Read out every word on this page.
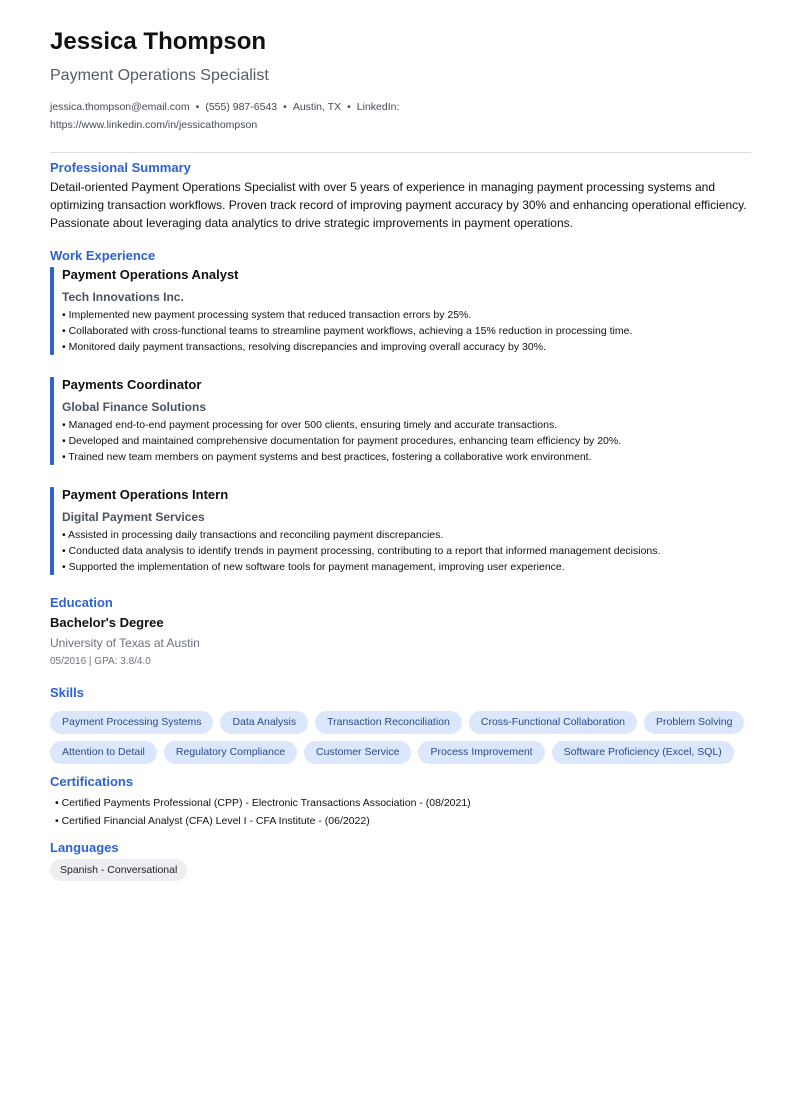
Jessica Thompson
Payment Operations Specialist
jessica.thompson@email.com • (555) 987-6543 • Austin, TX • LinkedIn:
https://www.linkedin.com/in/jessicathompson
Professional Summary
Detail-oriented Payment Operations Specialist with over 5 years of experience in managing payment processing systems and optimizing transaction workflows. Proven track record of improving payment accuracy by 30% and enhancing operational efficiency. Passionate about leveraging data analytics to drive strategic improvements in payment operations.
Work Experience
Payment Operations Analyst
Tech Innovations Inc.
• Implemented new payment processing system that reduced transaction errors by 25%.
• Collaborated with cross-functional teams to streamline payment workflows, achieving a 15% reduction in processing time.
• Monitored daily payment transactions, resolving discrepancies and improving overall accuracy by 30%.
Payments Coordinator
Global Finance Solutions
• Managed end-to-end payment processing for over 500 clients, ensuring timely and accurate transactions.
• Developed and maintained comprehensive documentation for payment procedures, enhancing team efficiency by 20%.
• Trained new team members on payment systems and best practices, fostering a collaborative work environment.
Payment Operations Intern
Digital Payment Services
• Assisted in processing daily transactions and reconciling payment discrepancies.
• Conducted data analysis to identify trends in payment processing, contributing to a report that informed management decisions.
• Supported the implementation of new software tools for payment management, improving user experience.
Education
Bachelor's Degree
University of Texas at Austin
05/2016 | GPA: 3.8/4.0
Skills
Payment Processing Systems	Data Analysis	Transaction Reconciliation	Cross-Functional Collaboration	Problem Solving
Attention to Detail	Regulatory Compliance	Customer Service	Process Improvement	Software Proficiency (Excel, SQL)
Certifications
• Certified Payments Professional (CPP) - Electronic Transactions Association - (08/2021)
• Certified Financial Analyst (CFA) Level I - CFA Institute - (06/2022)
Languages
Spanish - Conversational
